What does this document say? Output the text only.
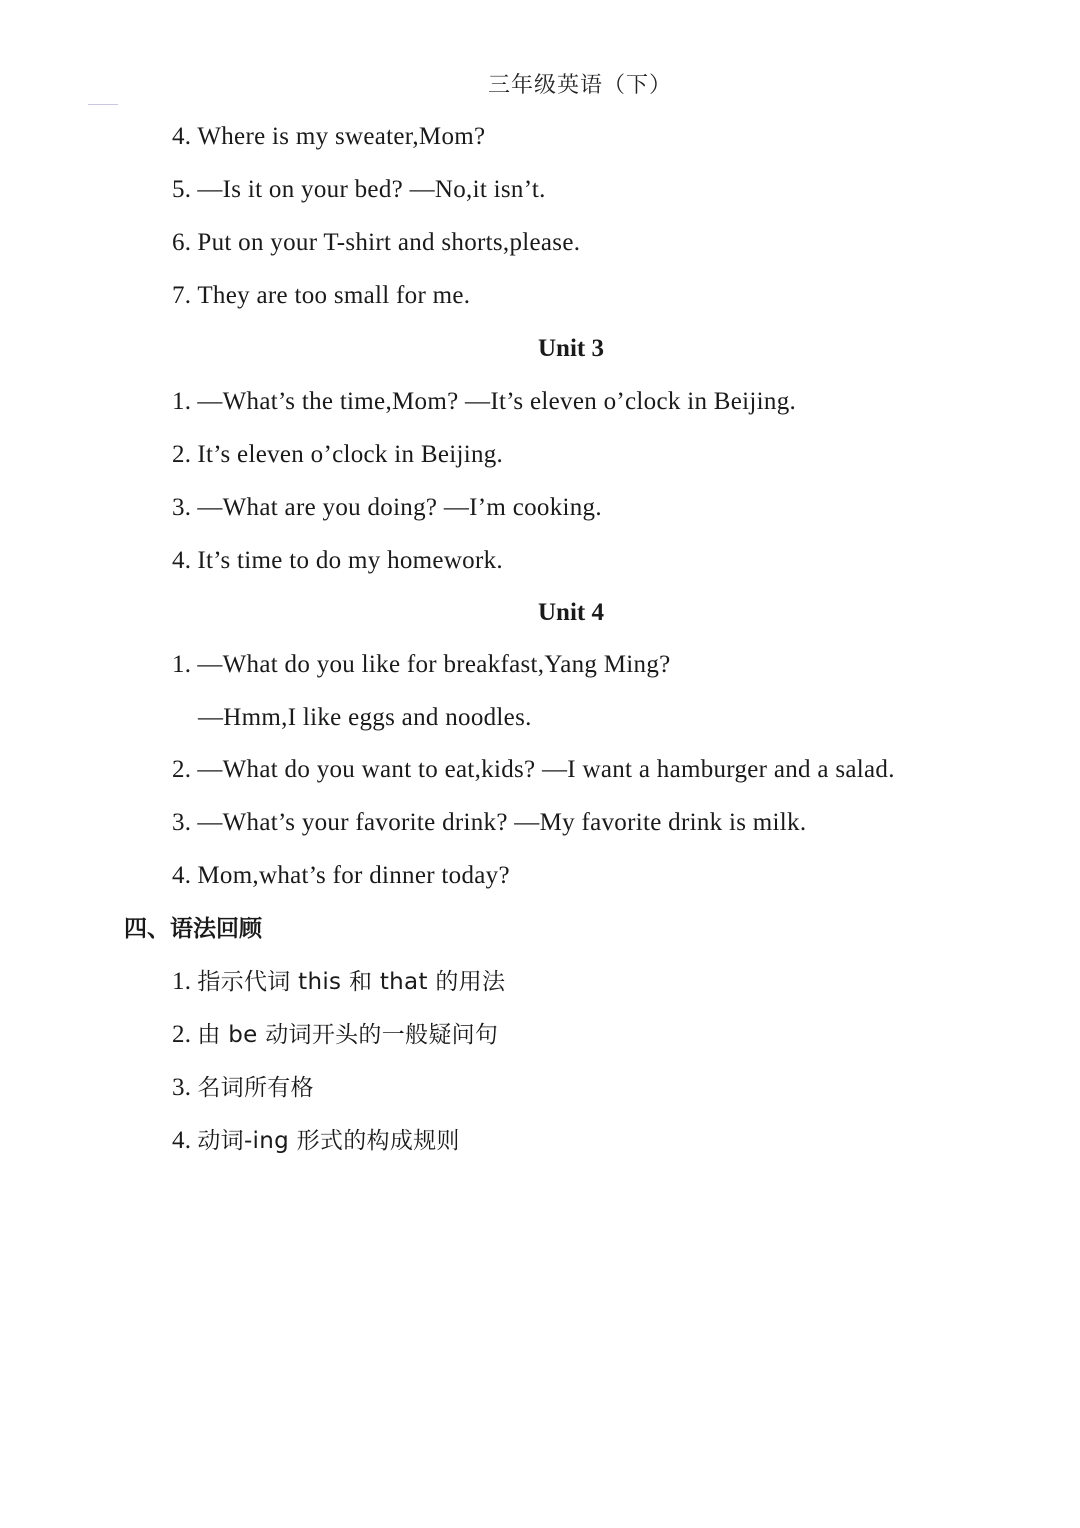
三年级英语（下）
4. Where is my sweater,Mom?
5. —Is it on your bed? —No,it isn’t.
6. Put on your T-shirt and shorts,please.
7. They are too small for me.
Unit 3
1. —What’s the time,Mom? —It’s eleven o’clock in Beijing.
2. It’s eleven o’clock in Beijing.
3. —What are you doing? —I’m cooking.
4. It’s time to do my homework.
Unit 4
1. —What do you like for breakfast,Yang Ming?
—Hmm,I like eggs and noodles.
2. —What do you want to eat,kids? —I want a hamburger and a salad.
3. —What’s your favorite drink? —My favorite drink is milk.
4. Mom,what’s for dinner today?
四、语法回顾
1. 指示代词 this 和 that 的用法
2. 由 be 动词开头的一般疑问句
3. 名词所有格
4. 动词-ing 形式的构成规则
